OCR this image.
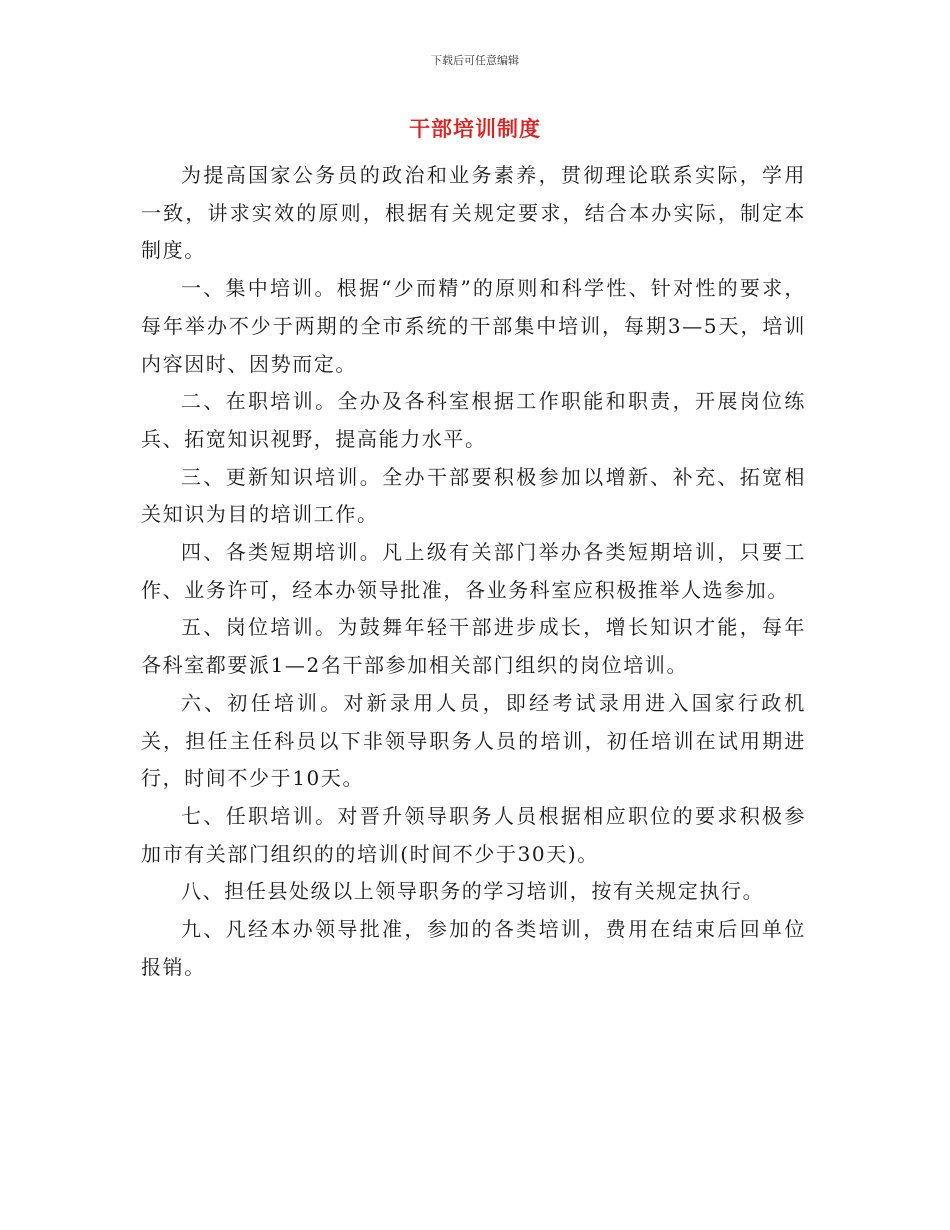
下载后可任意编辑
干部培训制度

为提高国家公务员的政治和业务素养，贯彻理论联系实际，学用一致，讲求实效的原则，根据有关规定要求，结合本办实际，制定本制度。

一、集中培训。根据“少而精”的原则和科学性、针对性的要求，每年举办不少于两期的全市系统的干部集中培训，每期3—5天，培训内容因时、因势而定。

二、在职培训。全办及各科室根据工作职能和职责，开展岗位练兵、拓宽知识视野，提高能力水平。

三、更新知识培训。全办干部要积极参加以增新、补充、拓宽相关知识为目的培训工作。

四、各类短期培训。凡上级有关部门举办各类短期培训，只要工作、业务许可，经本办领导批准，各业务科室应积极推举人选参加。

五、岗位培训。为鼓舞年轻干部进步成长，增长知识才能，每年各科室都要派1—2名干部参加相关部门组织的岗位培训。

六、初任培训。对新录用人员，即经考试录用进入国家行政机关，担任主任科员以下非领导职务人员的培训，初任培训在试用期进行，时间不少于10天。

七、任职培训。对晋升领导职务人员根据相应职位的要求积极参加市有关部门组织的的培训(时间不少于30天)。

八、担任县处级以上领导职务的学习培训，按有关规定执行。

九、凡经本办领导批准，参加的各类培训，费用在结束后回单位报销。
